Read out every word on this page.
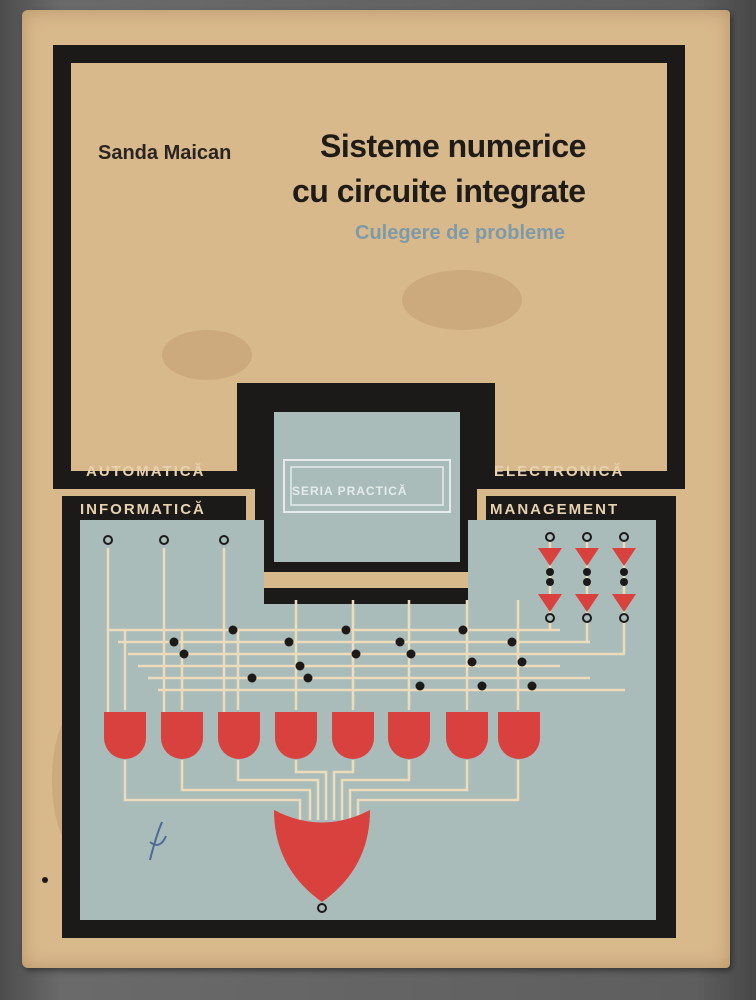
Sanda Maican	Sisteme numerice
cu circuite integrate
Culegere de probleme
AUTOMATICĂ	ELECTRONICĂ
INFORMATICĂ	MANAGEMENT
SERIA PRACTICĂ
